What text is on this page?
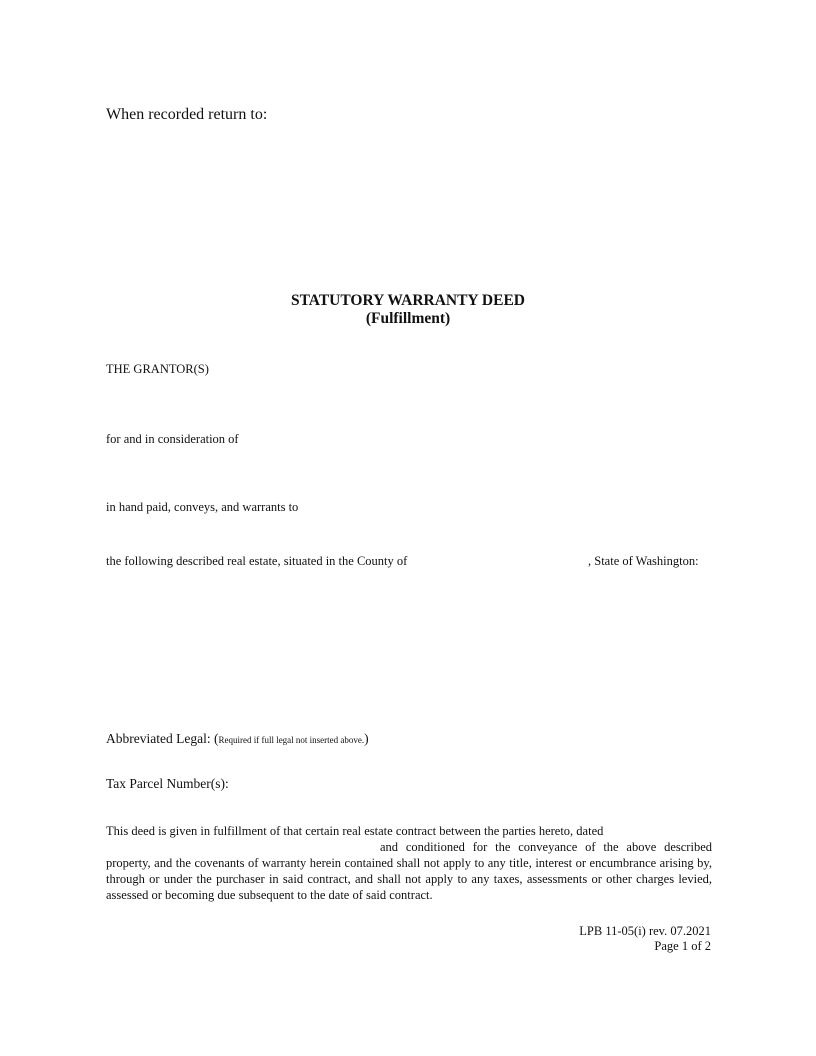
When recorded return to:

STATUTORY WARRANTY DEED
(Fulfillment)

THE GRANTOR(S)

for and in consideration of

in hand paid, conveys, and warrants to

the following described real estate, situated in the County of	, State of Washington:

Abbreviated Legal: (Required if full legal not inserted above.)

Tax Parcel Number(s):

This deed is given in fulfillment of that certain real estate contract between the parties hereto, dated
and conditioned for the conveyance of the above described property, and the covenants of warranty herein contained shall not apply to any title, interest or encumbrance arising by, through or under the purchaser in said contract, and shall not apply to any taxes, assessments or other charges levied, assessed or becoming due subsequent to the date of said contract.
LPB 11-05(i) rev. 07.2021
Page 1 of 2
